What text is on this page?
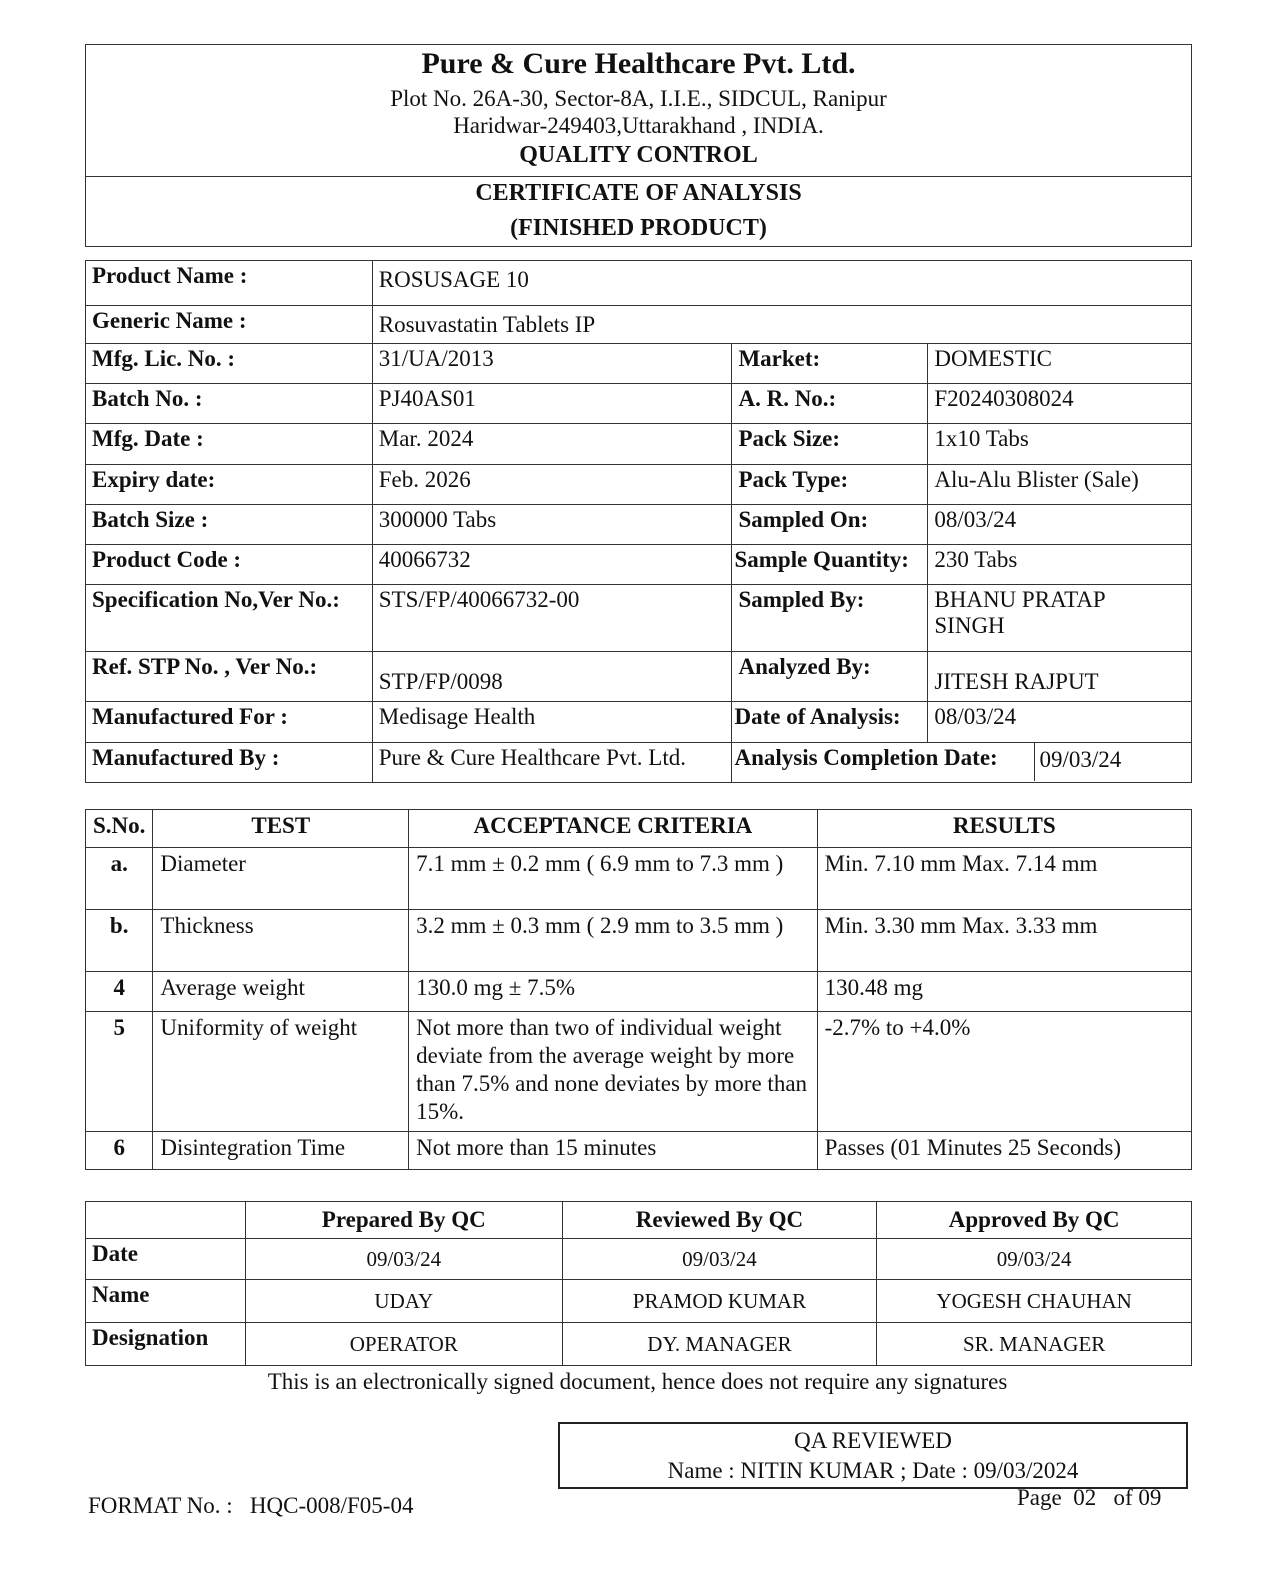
Pure & Cure Healthcare Pvt. Ltd.
Plot No. 26A-30, Sector-8A, I.I.E., SIDCUL, Ranipur
Haridwar-249403,Uttarakhand , INDIA.
QUALITY CONTROL
CERTIFICATE OF ANALYSIS
(FINISHED PRODUCT)
Product Name :	ROSUSAGE 10		
Generic Name :	Rosuvastatin Tablets IP		
Mfg. Lic. No. :	31/UA/2013	Market:	DOMESTIC
Batch No. :	PJ40AS01	A. R. No.:	F20240308024
Mfg. Date :	Mar. 2024	Pack Size:	1x10 Tabs
Expiry date:	Feb. 2026	Pack Type:	Alu-Alu Blister (Sale)
Batch Size :	300000 Tabs	Sampled On:	08/03/24
Product Code :	40066732	Sample Quantity:	230 Tabs
Specification No,Ver No.:	STS/FP/40066732-00	Sampled By:	BHANU PRATAP SINGH
Ref. STP No. , Ver No.:	STP/FP/0098	Analyzed By:	JITESH RAJPUT
Manufactured For :	Medisage Health	Date of Analysis:	08/03/24
Manufactured By :	Pure & Cure Healthcare Pvt. Ltd.	Analysis Completion Date: 09/03/24	
S.No.	TEST	ACCEPTANCE CRITERIA	RESULTS
a.	Diameter	7.1 mm ± 0.2 mm ( 6.9 mm to 7.3 mm )	Min. 7.10 mm Max. 7.14 mm
b.	Thickness	3.2 mm ± 0.3 mm ( 2.9 mm to 3.5 mm )	Min. 3.30 mm Max. 3.33 mm
4	Average weight	130.0 mg ± 7.5%	130.48 mg
5	Uniformity of weight	Not more than two of individual weight deviate from the average weight by more than 7.5% and none deviates by more than 15%.	-2.7% to +4.0%
6	Disintegration Time	Not more than 15 minutes	Passes (01 Minutes 25 Seconds)
	Prepared By QC	Reviewed By QC	Approved By QC
Date	09/03/24	09/03/24	09/03/24
Name	UDAY	PRAMOD KUMAR	YOGESH CHAUHAN
Designation	OPERATOR	DY. MANAGER	SR. MANAGER
This is an electronically signed document, hence does not require any signatures
QA REVIEWED
Name : NITIN KUMAR ; Date : 09/03/2024
FORMAT No. :   HQC-008/F05-04	Page  02   of 09
